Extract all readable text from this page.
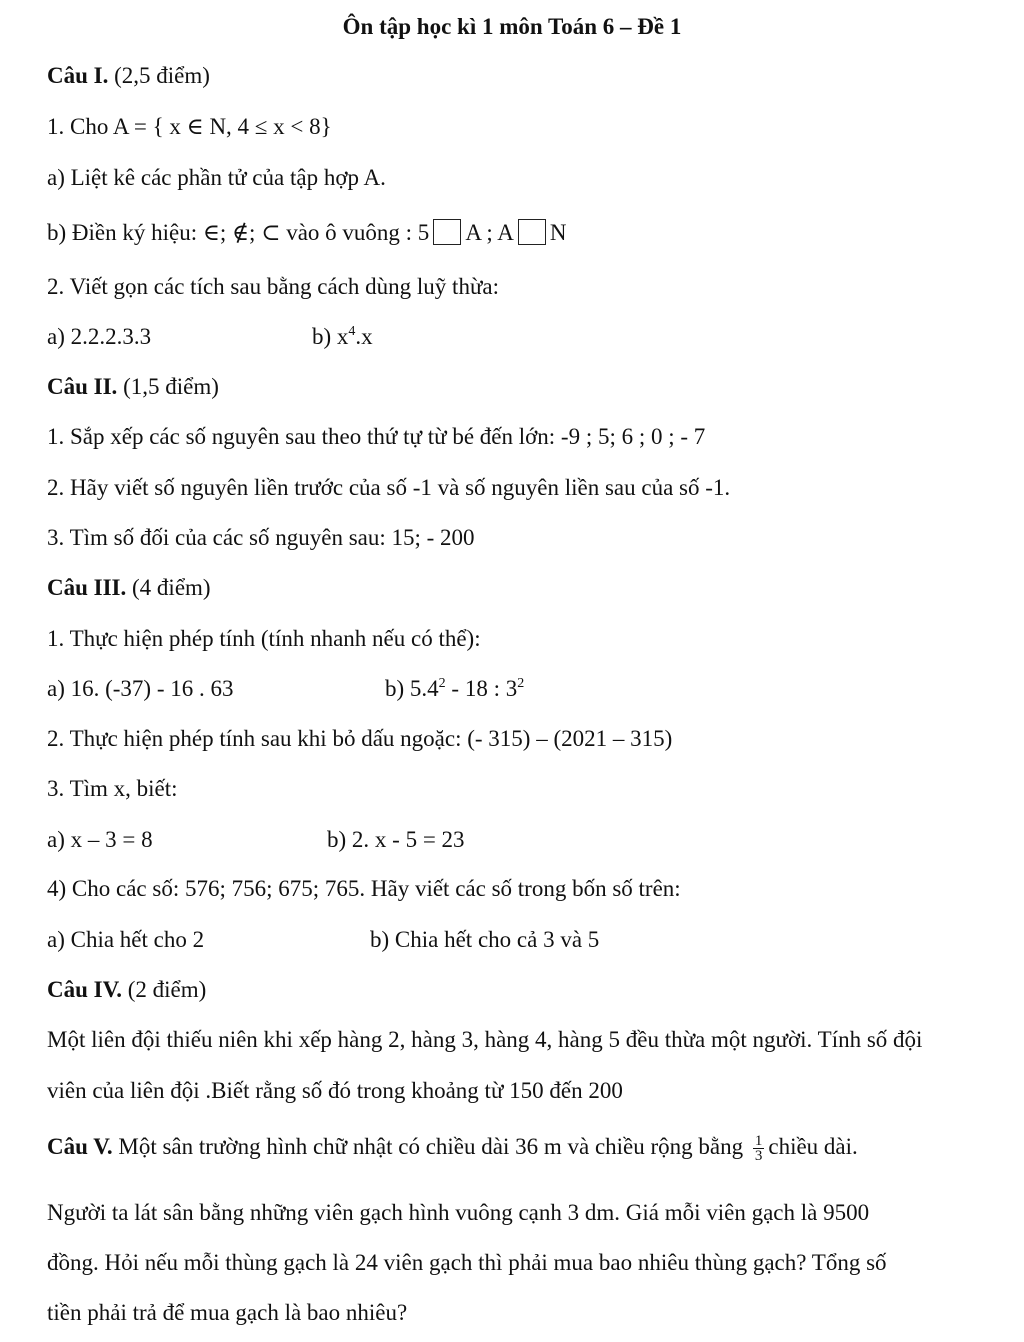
Ôn tập học kì 1 môn Toán 6 – Đề 1
Câu I. (2,5 điểm)
1. Cho A = { x ∈ N, 4 ≤ x < 8}
a) Liệt kê các phần tử của tập hợp A.
b) Điền ký hiệu: ∈; ∉; ⊂ vào ô vuông : 5 A ; A N
2. Viết gọn các tích sau bằng cách dùng luỹ thừa:
a) 2.2.2.3.3	b) $x^4.x$
Câu II. (1,5 điểm)
1. Sắp xếp các số nguyên sau theo thứ tự từ bé đến lớn: -9 ; 5; 6 ; 0 ; - 7
2. Hãy viết số nguyên liền trước của số -1 và số nguyên liền sau của số -1.
3. Tìm số đối của các số nguyên sau: 15; - 200
Câu III. (4 điểm)
1. Thực hiện phép tính (tính nhanh nếu có thể):
a) 16. (-37) - 16 . 63	b) $5.4^2 - 18$ : $3^2$
2. Thực hiện phép tính sau khi bỏ dấu ngoặc: (- 315) – (2021 – 315)
3. Tìm x, biết:
a) x – 3 = 8	b) 2. x - 5 = 23
4) Cho các số: 576; 756; 675; 765. Hãy viết các số trong bốn số trên:
a) Chia hết cho 2	b) Chia hết cho cả 3 và 5
Câu IV. (2 điểm)
Một liên đội thiếu niên khi xếp hàng 2, hàng 3, hàng 4, hàng 5 đều thừa một người. Tính số đội
viên của liên đội .Biết rằng số đó trong khoảng từ 150 đến 200
Câu V. Một sân trường hình chữ nhật có chiều dài 36 m và chiều rộng bằng $\frac{1}{3}$ chiều dài.
Người ta lát sân bằng những viên gạch hình vuông cạnh 3 dm. Giá mỗi viên gạch là 9500
đồng. Hỏi nếu mỗi thùng gạch là 24 viên gạch thì phải mua bao nhiêu thùng gạch? Tổng số
tiền phải trả để mua gạch là bao nhiêu?
